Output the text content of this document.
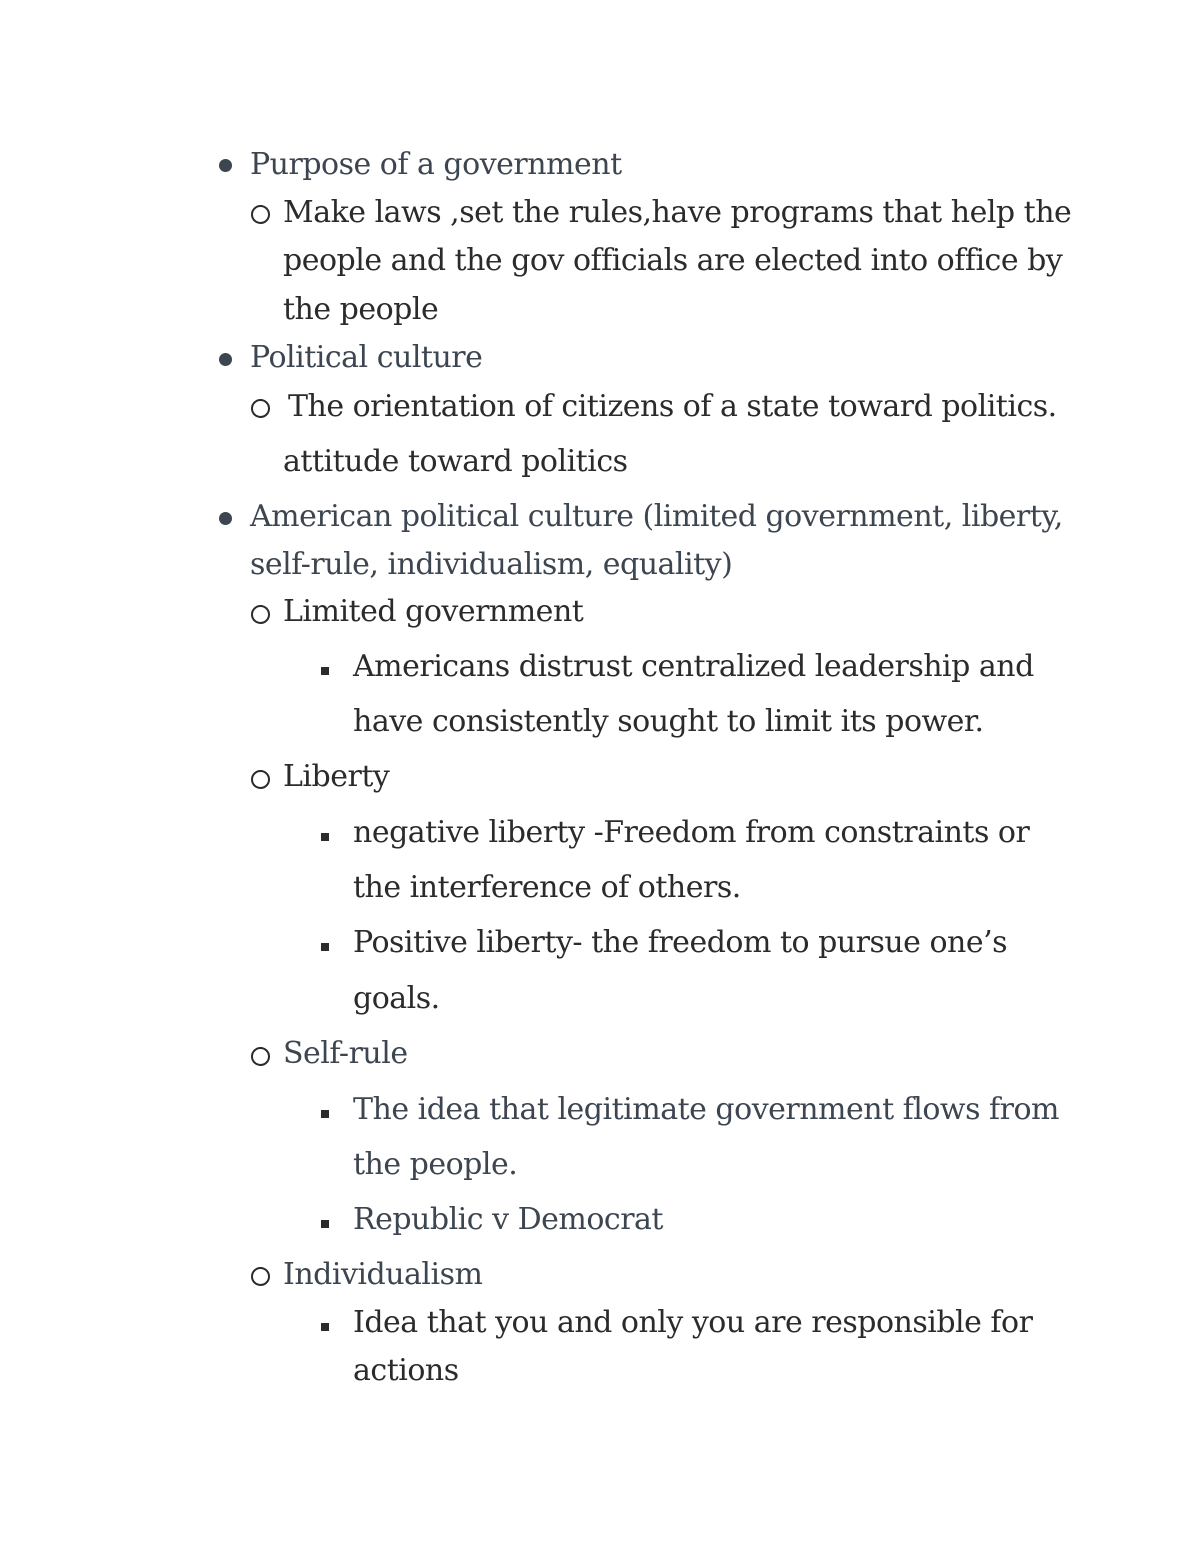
Purpose of a government

Make laws ,set the rules,have programs that help the

people and the gov officials are elected into office by

the people

Political culture

The orientation of citizens of a state toward politics.

attitude toward politics

American political culture (limited government, liberty,

self-rule, individualism, equality)

Limited government

Americans distrust centralized leadership and

have consistently sought to limit its power.

Liberty

negative liberty -Freedom from constraints or

the interference of others.

Positive liberty- the freedom to pursue one’s

goals.

Self-rule

The idea that legitimate government flows from

the people.

Republic v Democrat

Individualism

Idea that you and only you are responsible for

actions
